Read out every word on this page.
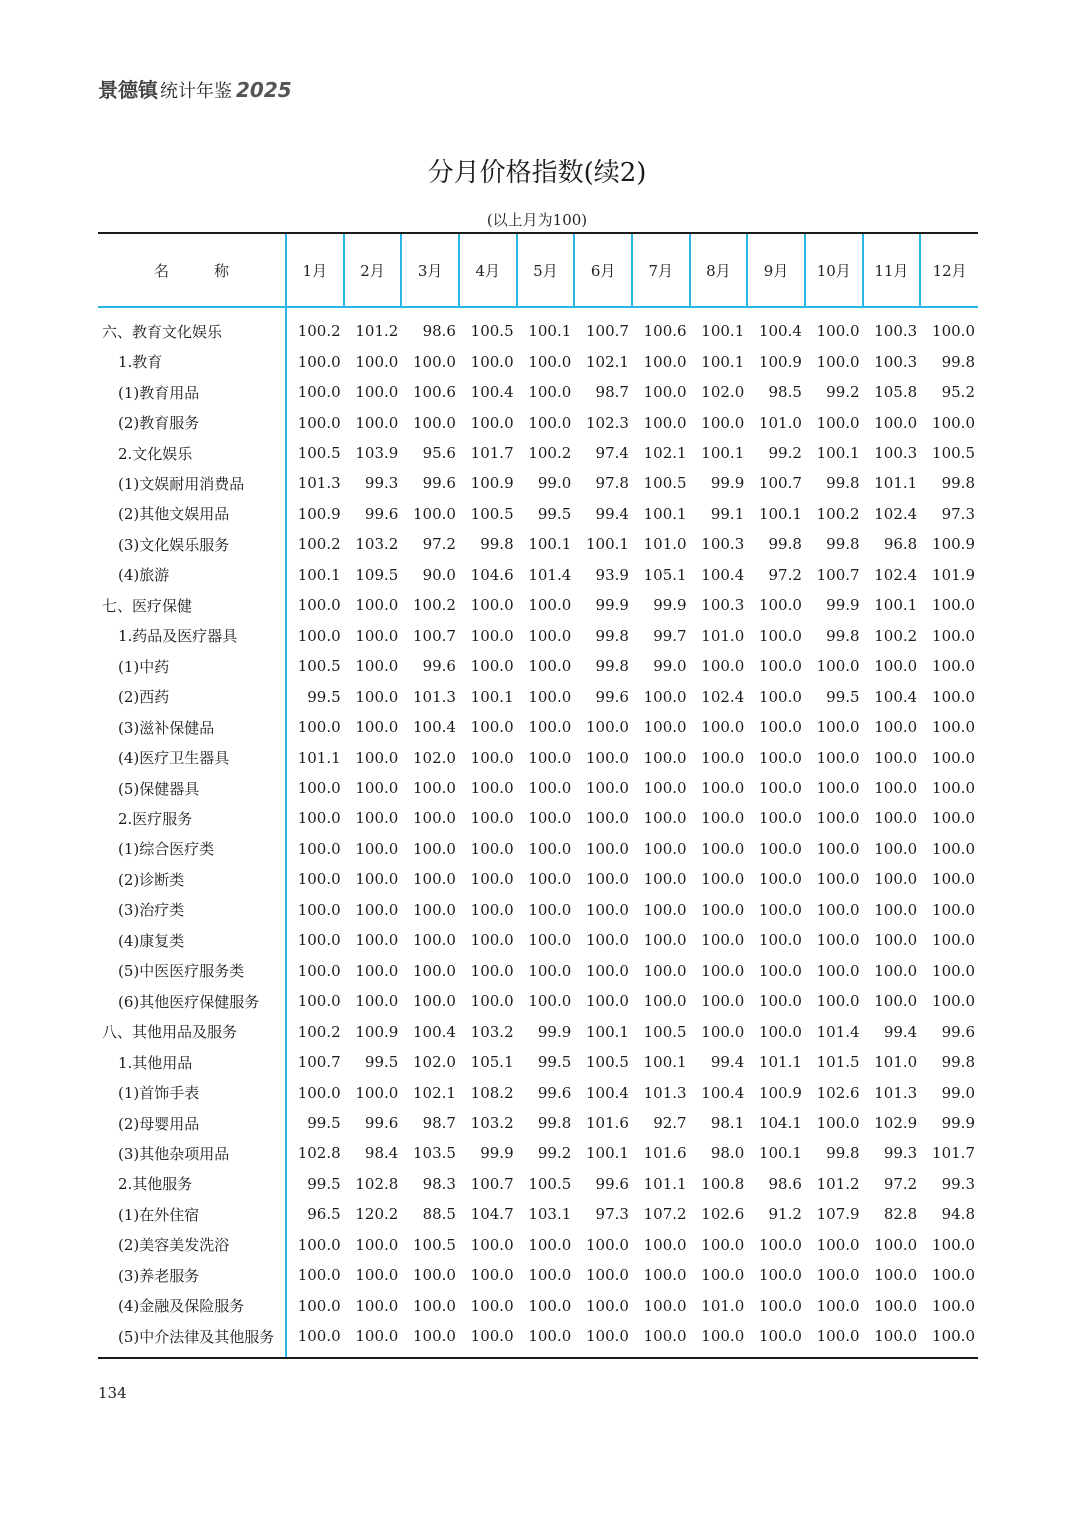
景德镇 统计年鉴 2025
分月价格指数(续2)
(以上月为100)
名　　　称	1月	2月	3月	4月	5月	6月	7月	8月	9月	10月	11月	12月
六、教育文化娱乐	100.2	101.2	98.6	100.5	100.1	100.7	100.6	100.1	100.4	100.0	100.3	100.0
1.教育	100.0	100.0	100.0	100.0	100.0	102.1	100.0	100.1	100.9	100.0	100.3	99.8
(1)教育用品	100.0	100.0	100.6	100.4	100.0	98.7	100.0	102.0	98.5	99.2	105.8	95.2
(2)教育服务	100.0	100.0	100.0	100.0	100.0	102.3	100.0	100.0	101.0	100.0	100.0	100.0
2.文化娱乐	100.5	103.9	95.6	101.7	100.2	97.4	102.1	100.1	99.2	100.1	100.3	100.5
(1)文娱耐用消费品	101.3	99.3	99.6	100.9	99.0	97.8	100.5	99.9	100.7	99.8	101.1	99.8
(2)其他文娱用品	100.9	99.6	100.0	100.5	99.5	99.4	100.1	99.1	100.1	100.2	102.4	97.3
(3)文化娱乐服务	100.2	103.2	97.2	99.8	100.1	100.1	101.0	100.3	99.8	99.8	96.8	100.9
(4)旅游	100.1	109.5	90.0	104.6	101.4	93.9	105.1	100.4	97.2	100.7	102.4	101.9
七、医疗保健	100.0	100.0	100.2	100.0	100.0	99.9	99.9	100.3	100.0	99.9	100.1	100.0
1.药品及医疗器具	100.0	100.0	100.7	100.0	100.0	99.8	99.7	101.0	100.0	99.8	100.2	100.0
(1)中药	100.5	100.0	99.6	100.0	100.0	99.8	99.0	100.0	100.0	100.0	100.0	100.0
(2)西药	99.5	100.0	101.3	100.1	100.0	99.6	100.0	102.4	100.0	99.5	100.4	100.0
(3)滋补保健品	100.0	100.0	100.4	100.0	100.0	100.0	100.0	100.0	100.0	100.0	100.0	100.0
(4)医疗卫生器具	101.1	100.0	102.0	100.0	100.0	100.0	100.0	100.0	100.0	100.0	100.0	100.0
(5)保健器具	100.0	100.0	100.0	100.0	100.0	100.0	100.0	100.0	100.0	100.0	100.0	100.0
2.医疗服务	100.0	100.0	100.0	100.0	100.0	100.0	100.0	100.0	100.0	100.0	100.0	100.0
(1)综合医疗类	100.0	100.0	100.0	100.0	100.0	100.0	100.0	100.0	100.0	100.0	100.0	100.0
(2)诊断类	100.0	100.0	100.0	100.0	100.0	100.0	100.0	100.0	100.0	100.0	100.0	100.0
(3)治疗类	100.0	100.0	100.0	100.0	100.0	100.0	100.0	100.0	100.0	100.0	100.0	100.0
(4)康复类	100.0	100.0	100.0	100.0	100.0	100.0	100.0	100.0	100.0	100.0	100.0	100.0
(5)中医医疗服务类	100.0	100.0	100.0	100.0	100.0	100.0	100.0	100.0	100.0	100.0	100.0	100.0
(6)其他医疗保健服务	100.0	100.0	100.0	100.0	100.0	100.0	100.0	100.0	100.0	100.0	100.0	100.0
八、其他用品及服务	100.2	100.9	100.4	103.2	99.9	100.1	100.5	100.0	100.0	101.4	99.4	99.6
1.其他用品	100.7	99.5	102.0	105.1	99.5	100.5	100.1	99.4	101.1	101.5	101.0	99.8
(1)首饰手表	100.0	100.0	102.1	108.2	99.6	100.4	101.3	100.4	100.9	102.6	101.3	99.0
(2)母婴用品	99.5	99.6	98.7	103.2	99.8	101.6	92.7	98.1	104.1	100.0	102.9	99.9
(3)其他杂项用品	102.8	98.4	103.5	99.9	99.2	100.1	101.6	98.0	100.1	99.8	99.3	101.7
2.其他服务	99.5	102.8	98.3	100.7	100.5	99.6	101.1	100.8	98.6	101.2	97.2	99.3
(1)在外住宿	96.5	120.2	88.5	104.7	103.1	97.3	107.2	102.6	91.2	107.9	82.8	94.8
(2)美容美发洗浴	100.0	100.0	100.5	100.0	100.0	100.0	100.0	100.0	100.0	100.0	100.0	100.0
(3)养老服务	100.0	100.0	100.0	100.0	100.0	100.0	100.0	100.0	100.0	100.0	100.0	100.0
(4)金融及保险服务	100.0	100.0	100.0	100.0	100.0	100.0	100.0	101.0	100.0	100.0	100.0	100.0
(5)中介法律及其他服务	100.0	100.0	100.0	100.0	100.0	100.0	100.0	100.0	100.0	100.0	100.0	100.0
134
